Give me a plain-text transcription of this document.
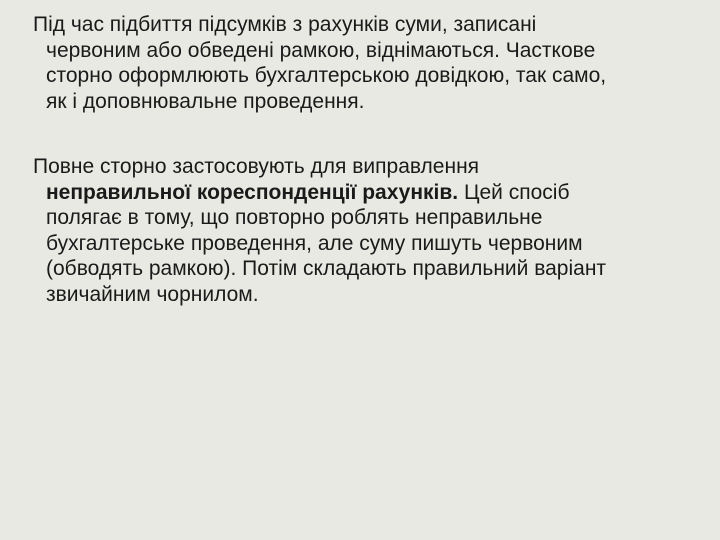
Під час підбиття підсумків з рахунків суми, записані
червоним або обведені рамкою, віднімаються. Часткове
сторно оформлюють бухгалтерською довідкою, так само,
як і доповнювальне проведення.
Повне сторно застосовують для виправлення
неправильної кореспонденції рахунків. Цей спосіб
полягає в тому, що повторно роблять неправильне
бухгалтерське проведення, але суму пишуть червоним
(обводять рамкою). Потім складають правильний варіант
звичайним чорнилом.
